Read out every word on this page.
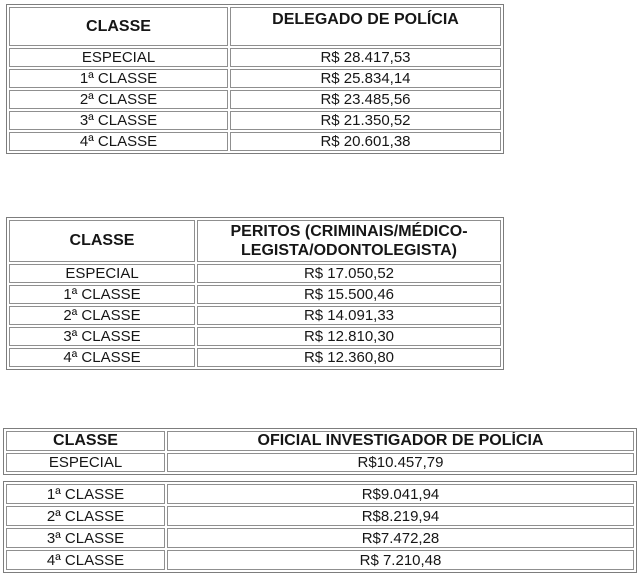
CLASSE	DELEGADO DE POLÍCIA
ESPECIAL	R$ 28.417,53
1ª CLASSE	R$ 25.834,14
2ª CLASSE	R$ 23.485,56
3ª CLASSE	R$ 21.350,52
4ª CLASSE	R$ 20.601,38
CLASSE	PERITOS (CRIMINAIS/MÉDICO-
LEGISTA/ODONTOLEGISTA)

ESPECIAL	R$ 17.050,52
1ª CLASSE	R$ 15.500,46
2ª CLASSE	R$ 14.091,33
3ª CLASSE	R$ 12.810,30
4ª CLASSE	R$ 12.360,80
CLASSE	OFICIAL INVESTIGADOR DE POLÍCIA
ESPECIAL	R$10.457,79
1ª CLASSE	R$9.041,94
2ª CLASSE	R$8.219,94
3ª CLASSE	R$7.472,28
4ª CLASSE	R$ 7.210,48
